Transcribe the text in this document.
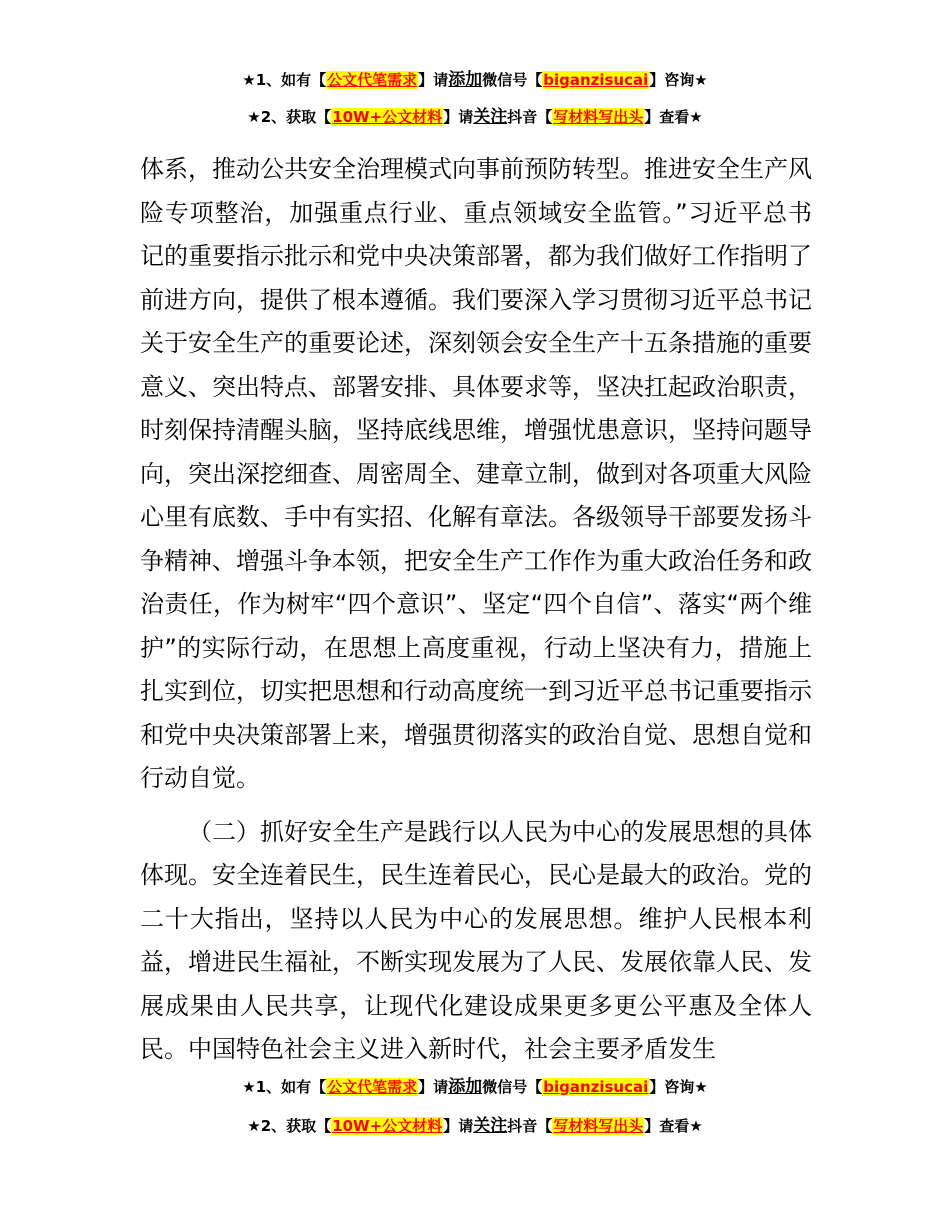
★1、如有【公文代笔需求】请添加微信号【biganzisucai】咨询★
★2、获取【10W+公文材料】请关注抖音【写材料写出头】查看★

体系，推动公共安全治理模式向事前预防转型。推进安全生产风险专项整治，加强重点行业、重点领域安全监管。”习近平总书记的重要指示批示和党中央决策部署，都为我们做好工作指明了前进方向，提供了根本遵循。我们要深入学习贯彻习近平总书记关于安全生产的重要论述，深刻领会安全生产十五条措施的重要意义、突出特点、部署安排、具体要求等，坚决扛起政治职责，时刻保持清醒头脑，坚持底线思维，增强忧患意识，坚持问题导向，突出深挖细查、周密周全、建章立制，做到对各项重大风险心里有底数、手中有实招、化解有章法。各级领导干部要发扬斗争精神、增强斗争本领，把安全生产工作作为重大政治任务和政治责任，作为树牢“四个意识”、坚定“四个自信”、落实“两个维护”的实际行动，在思想上高度重视，行动上坚决有力，措施上扎实到位，切实把思想和行动高度统一到习近平总书记重要指示和党中央决策部署上来，增强贯彻落实的政治自觉、思想自觉和行动自觉。

（二）抓好安全生产是践行以人民为中心的发展思想的具体体现。安全连着民生，民生连着民心，民心是最大的政治。党的二十大指出，坚持以人民为中心的发展思想。维护人民根本利益，增进民生福祉，不断实现发展为了人民、发展依靠人民、发展成果由人民共享，让现代化建设成果更多更公平惠及全体人民。中国特色社会主义进入新时代，社会主要矛盾发生

★1、如有【公文代笔需求】请添加微信号【biganzisucai】咨询★
★2、获取【10W+公文材料】请关注抖音【写材料写出头】查看★
